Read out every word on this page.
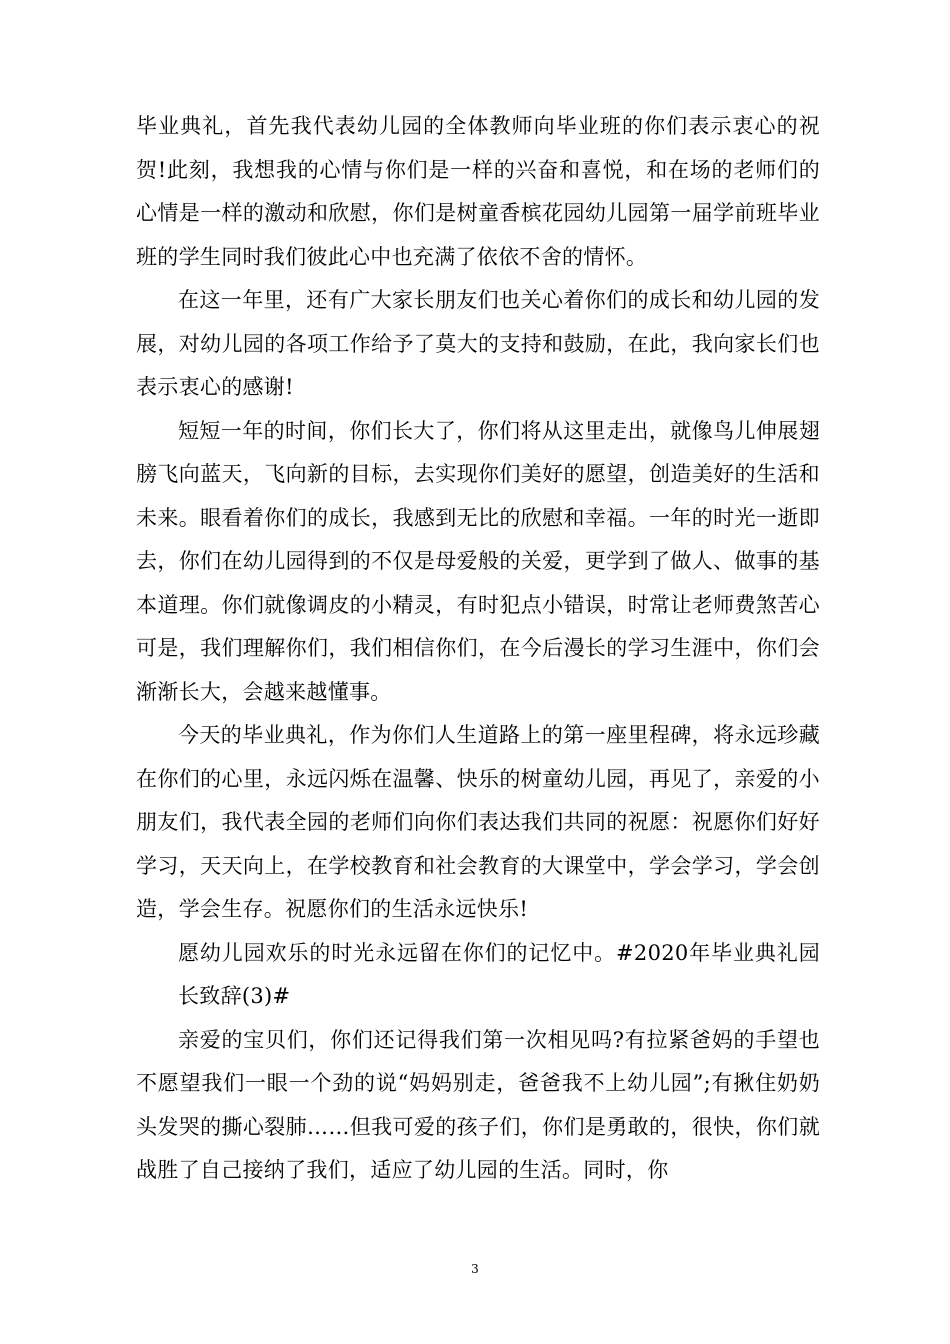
毕业典礼，首先我代表幼儿园的全体教师向毕业班的你们表示衷心的祝贺!此刻，我想我的心情与你们是一样的兴奋和喜悦，和在场的老师们的心情是一样的激动和欣慰，你们是树童香槟花园幼儿园第一届学前班毕业班的学生同时我们彼此心中也充满了依依不舍的情怀。

在这一年里，还有广大家长朋友们也关心着你们的成长和幼儿园的发展，对幼儿园的各项工作给予了莫大的支持和鼓励，在此，我向家长们也表示衷心的感谢!

短短一年的时间，你们长大了，你们将从这里走出，就像鸟儿伸展翅膀飞向蓝天，飞向新的目标，去实现你们美好的愿望，创造美好的生活和未来。眼看着你们的成长，我感到无比的欣慰和幸福。一年的时光一逝即去，你们在幼儿园得到的不仅是母爱般的关爱，更学到了做人、做事的基本道理。你们就像调皮的小精灵，有时犯点小错误，时常让老师费煞苦心可是，我们理解你们，我们相信你们，在今后漫长的学习生涯中，你们会渐渐长大，会越来越懂事。

今天的毕业典礼，作为你们人生道路上的第一座里程碑，将永远珍藏在你们的心里，永远闪烁在温馨、快乐的树童幼儿园，再见了，亲爱的小朋友们，我代表全园的老师们向你们表达我们共同的祝愿：祝愿你们好好学习，天天向上，在学校教育和社会教育的大课堂中，学会学习，学会创造，学会生存。祝愿你们的生活永远快乐!

愿幼儿园欢乐的时光永远留在你们的记忆中。#2020年毕业典礼园长致辞(3)#

亲爱的宝贝们，你们还记得我们第一次相见吗?有拉紧爸妈的手望也不愿望我们一眼一个劲的说“妈妈别走，爸爸我不上幼儿园”;有揪住奶奶头发哭的撕心裂肺……但我可爱的孩子们，你们是勇敢的，很快，你们就战胜了自己接纳了我们，适应了幼儿园的生活。同时，你

3
